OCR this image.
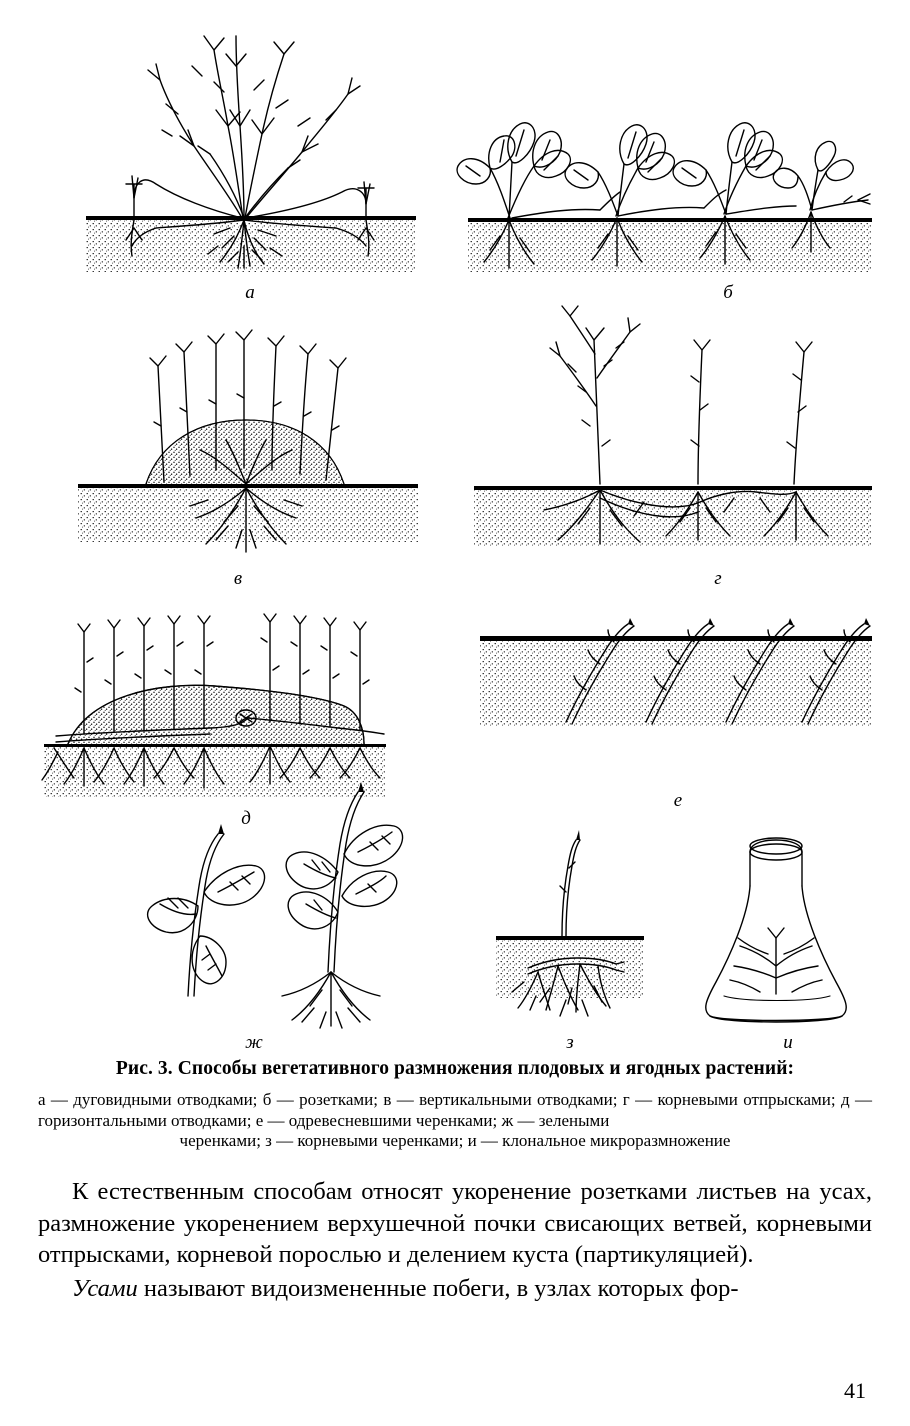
а	б
в	г
д
е
ж	з	и
Рис. 3. Способы вегетативного размножения плодовых и ягодных растений:
а — дуговидными отводками; б — розетками; в — вертикальными отводками; г — корневыми отпрысками; д — горизонтальными отводками; е — одревесневшими черенками; ж — зелеными
черенками; з — корневыми черенками; и — клональное микроразмножение

К естественным способам относят укоренение розетками листьев на усах, размножение укоренением верхушечной почки свисающих ветвей, корневыми отпрысками, корневой порослью и делением куста (партикуляцией).

Усами называют видоизмененные побеги, в узлах которых фор-

41
